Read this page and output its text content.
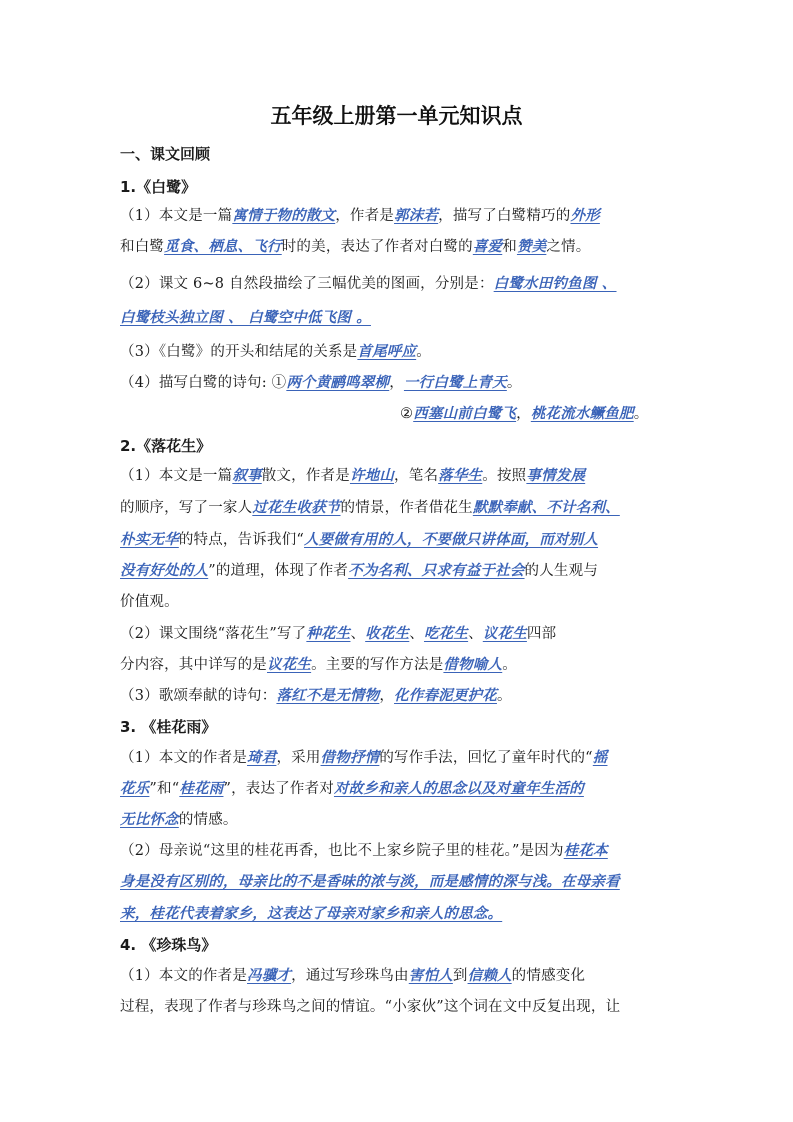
五年级上册第一单元知识点
一、课文回顾
1.《白鹭》
（1）本文是一篇寓情于物的散文，作者是郭沫若，描写了白鹭精巧的外形
和白鹭觅食、栖息、飞行时的美，表达了作者对白鹭的喜爱和赞美之情。
（2）课文 6~8 自然段描绘了三幅优美的图画，分别是：白鹭水田钓鱼图 、
白鹭枝头独立图 、 白鹭空中低飞图 。
（3）《白鹭》的开头和结尾的关系是首尾呼应。
（4）描写白鹭的诗句: ①两个黄鹂鸣翠柳，一行白鹭上青天。
②西塞山前白鹭飞，桃花流水鳜鱼肥。
2.《落花生》
（1）本文是一篇叙事散文，作者是许地山，笔名落华生。按照事情发展
的顺序，写了一家人过花生收获节的情景，作者借花生默默奉献、不计名利、
朴实无华的特点，告诉我们“人要做有用的人，不要做只讲体面，而对别人
没有好处的人”的道理，体现了作者不为名利、只求有益于社会的人生观与
价值观。
（2）课文围绕“落花生”写了种花生、收花生、吃花生、议花生四部
分内容，其中详写的是议花生。主要的写作方法是借物喻人。
（3）歌颂奉献的诗句：落红不是无情物，化作春泥更护花。
3. 《桂花雨》
（1）本文的作者是琦君，采用借物抒情的写作手法，回忆了童年时代的“摇
花乐”和“桂花雨”，表达了作者对对故乡和亲人的思念以及对童年生活的
无比怀念的情感。
（2）母亲说“这里的桂花再香，也比不上家乡院子里的桂花。”是因为桂花本
身是没有区别的，母亲比的不是香味的浓与淡，而是感情的深与浅。在母亲看
来，桂花代表着家乡，这表达了母亲对家乡和亲人的思念。
4. 《珍珠鸟》
（1）本文的作者是冯骥才，通过写珍珠鸟由害怕人到信赖人的情感变化
过程，表现了作者与珍珠鸟之间的情谊。“小家伙”这个词在文中反复出现，让
